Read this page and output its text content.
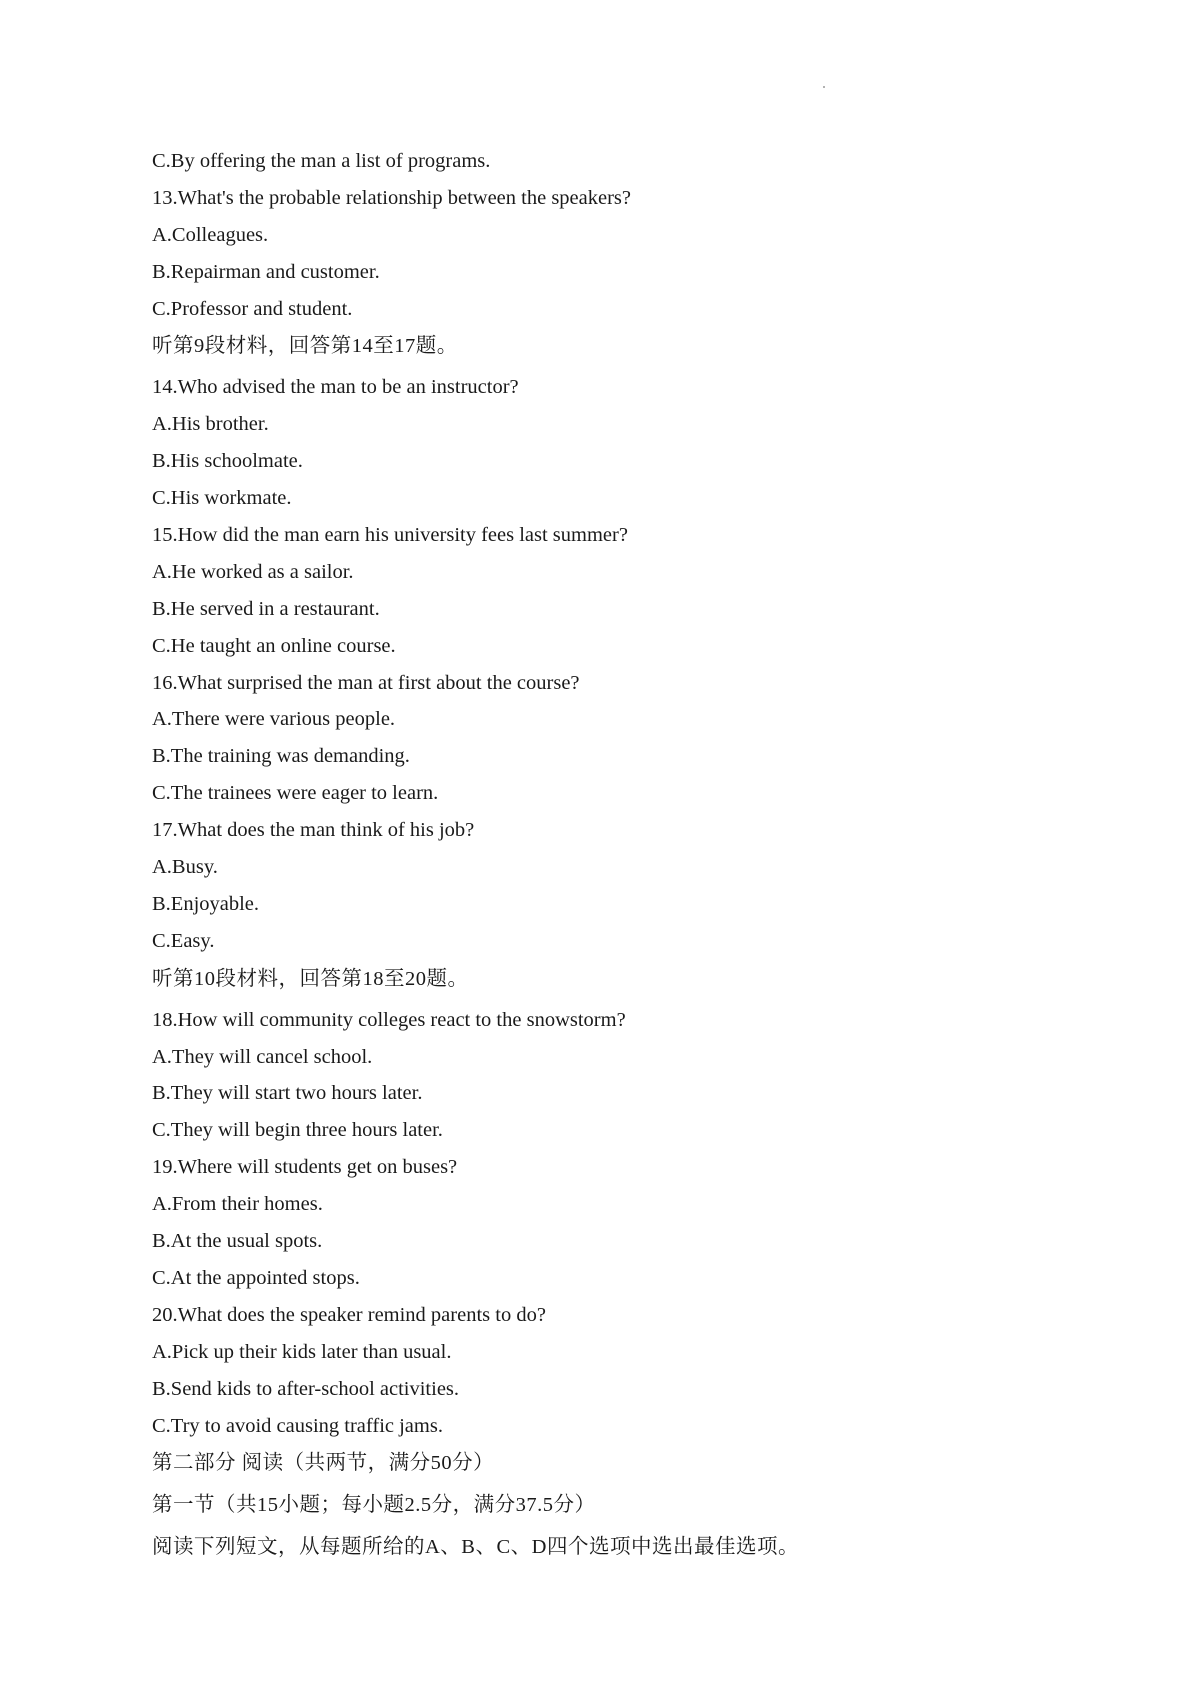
C.By offering the man a list of programs.
13.What's the probable relationship between the speakers?
A.Colleagues.
B.Repairman and customer.
C.Professor and student.
听第9段材料，回答第14至17题。
14.Who advised the man to be an instructor?
A.His brother.
B.His schoolmate.
C.His workmate.
15.How did the man earn his university fees last summer?
A.He worked as a sailor.
B.He served in a restaurant.
C.He taught an online course.
16.What surprised the man at first about the course?
A.There were various people.
B.The training was demanding.
C.The trainees were eager to learn.
17.What does the man think of his job?
A.Busy.
B.Enjoyable.
C.Easy.
听第10段材料，回答第18至20题。
18.How will community colleges react to the snowstorm?
A.They will cancel school.
B.They will start two hours later.
C.They will begin three hours later.
19.Where will students get on buses?
A.From their homes.
B.At the usual spots.
C.At the appointed stops.
20.What does the speaker remind parents to do?
A.Pick up their kids later than usual.
B.Send kids to after-school activities.
C.Try to avoid causing traffic jams.
第二部分 阅读（共两节，满分50分）
第一节（共15小题；每小题2.5分，满分37.5分）
阅读下列短文，从每题所给的A、B、C、D四个选项中选出最佳选项。
